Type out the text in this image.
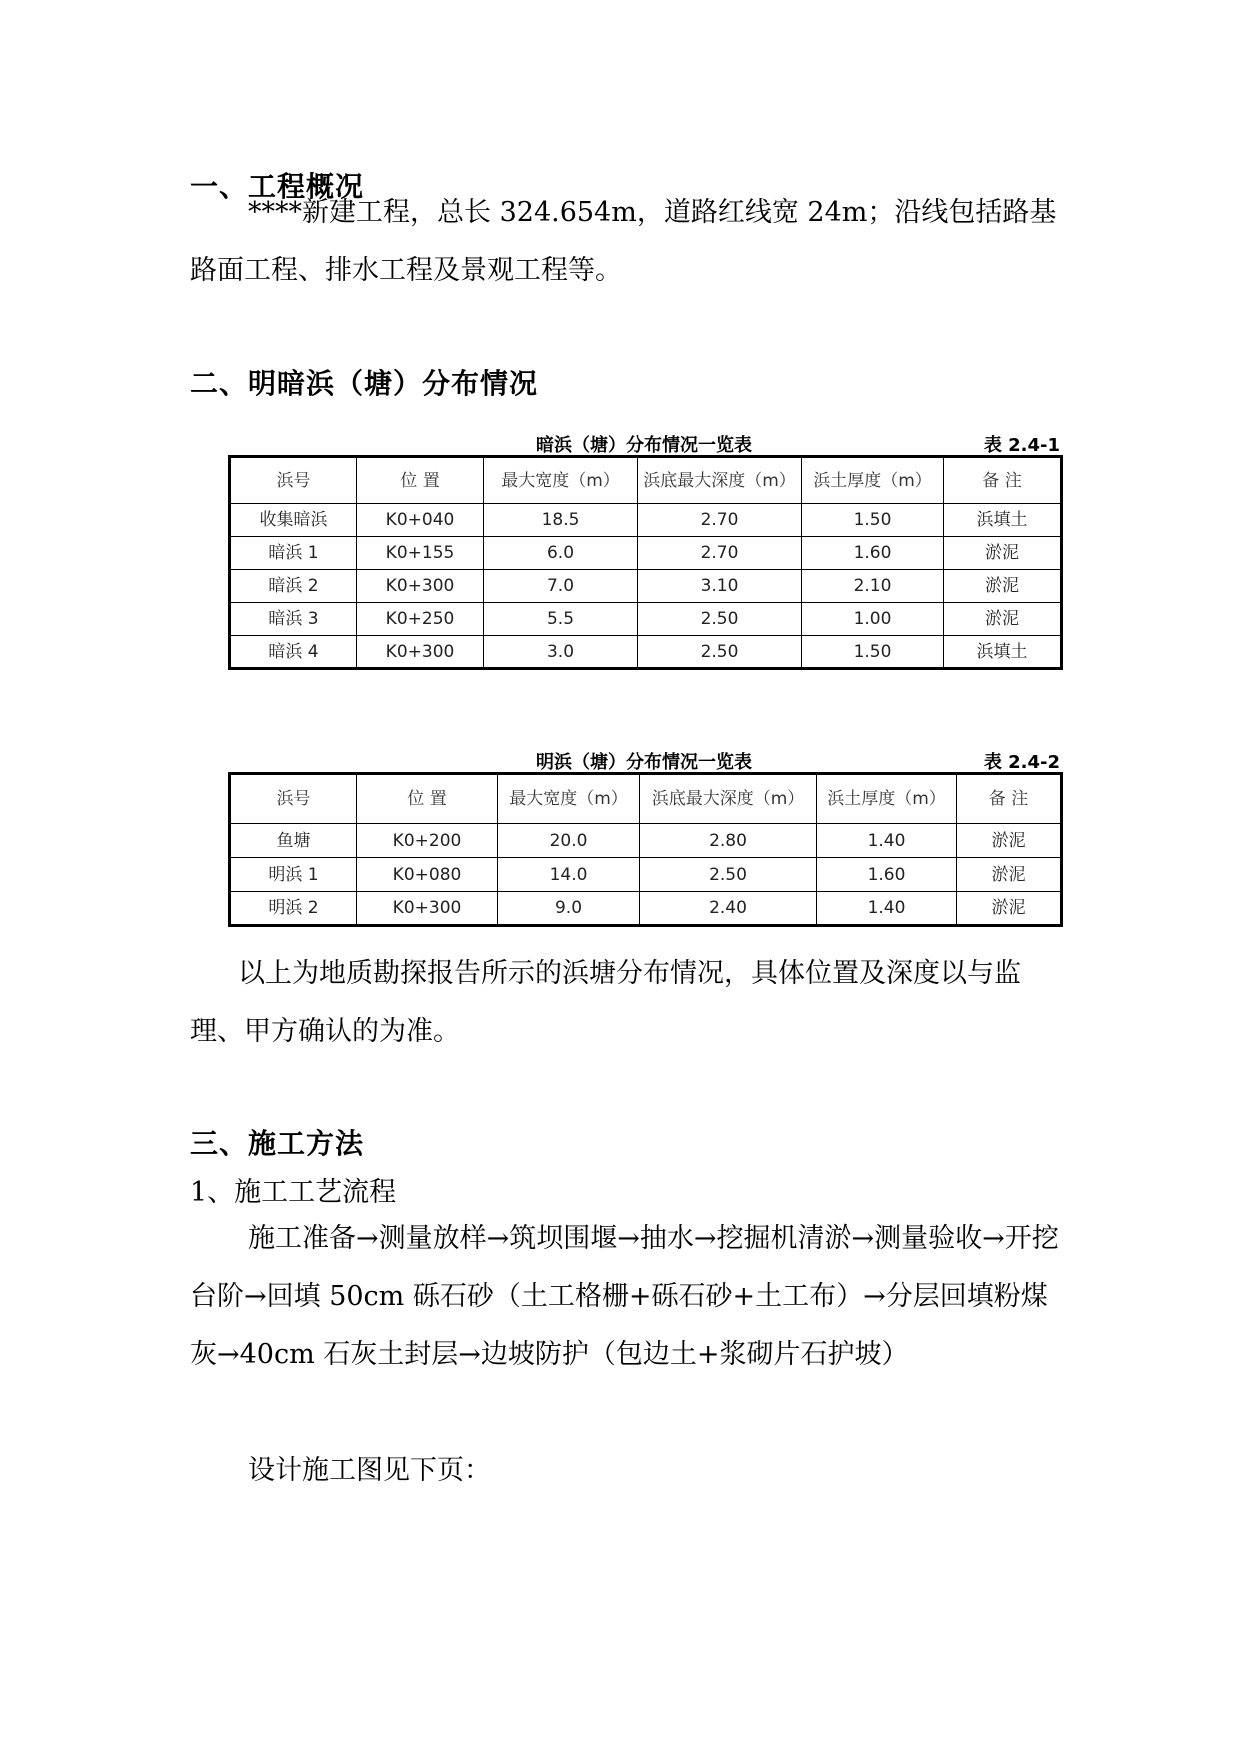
一、工程概况
****新建工程，总长 324.654m，道路红线宽 24m；沿线包括路基路面工程、排水工程及景观工程等。
二、明暗浜（塘）分布情况
暗浜（塘）分布情况一览表	表 2.4-1
浜号	位 置	最大宽度（m）	浜底最大深度（m）	浜土厚度（m）	备 注
收集暗浜	K0+040	18.5	2.70	1.50	浜填土
暗浜 1	K0+155	6.0	2.70	1.60	淤泥
暗浜 2	K0+300	7.0	3.10	2.10	淤泥
暗浜 3	K0+250	5.5	2.50	1.00	淤泥
暗浜 4	K0+300	3.0	2.50	1.50	浜填土
明浜（塘）分布情况一览表	表 2.4-2
浜号	位 置	最大宽度（m）	浜底最大深度（m）	浜土厚度（m）	备 注
鱼塘	K0+200	20.0	2.80	1.40	淤泥
明浜 1	K0+080	14.0	2.50	1.60	淤泥
明浜 2	K0+300	9.0	2.40	1.40	淤泥
以上为地质勘探报告所示的浜塘分布情况，具体位置及深度以与监理、甲方确认的为准。
三、施工方法
1、施工工艺流程
施工准备→测量放样→筑坝围堰→抽水→挖掘机清淤→测量验收→开挖台阶→回填 50cm 砾石砂（土工格栅+砾石砂+土工布）→分层回填粉煤灰→40cm 石灰土封层→边坡防护（包边土+浆砌片石护坡）
设计施工图见下页：
